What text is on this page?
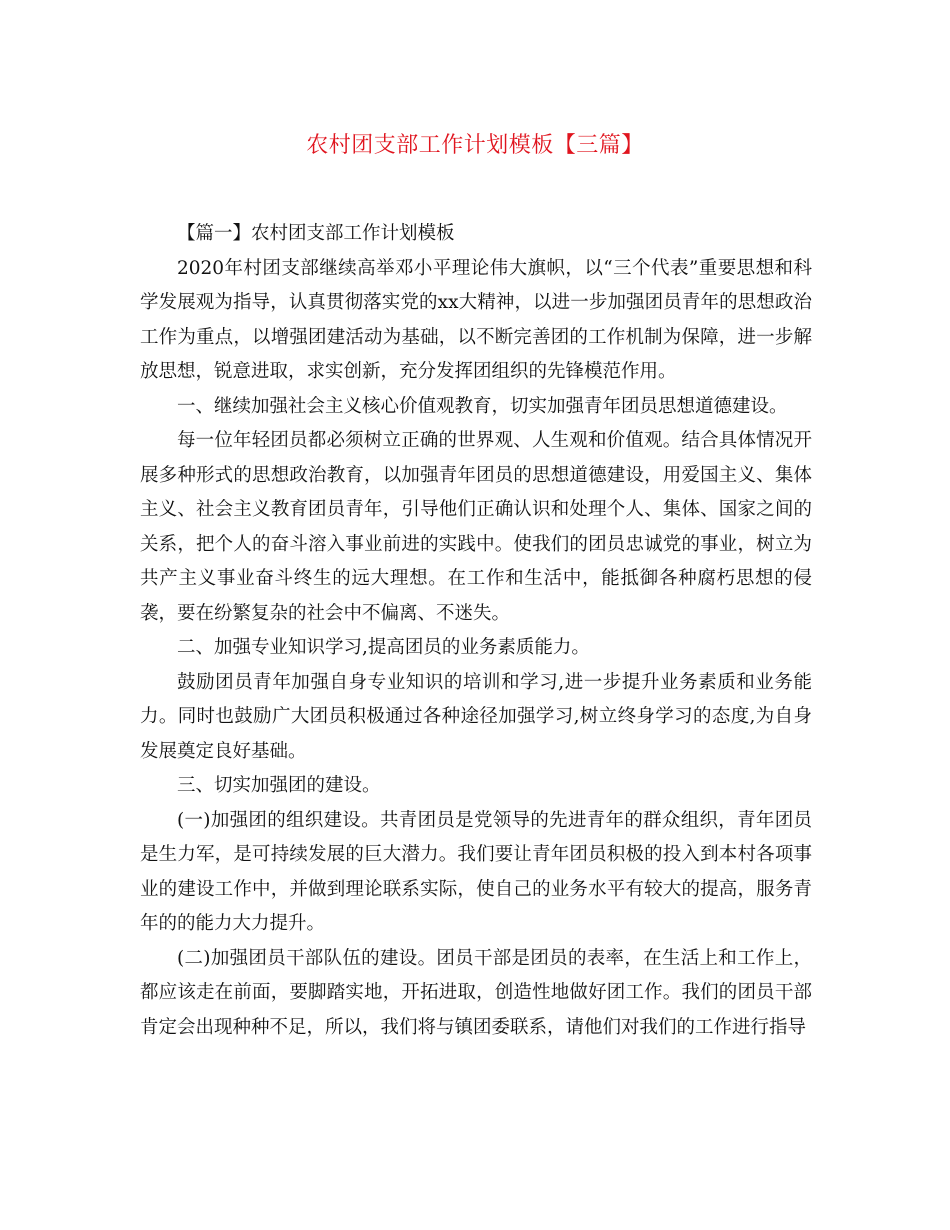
农村团支部工作计划模板【三篇】

【篇一】农村团支部工作计划模板

2020年村团支部继续高举邓小平理论伟大旗帜，以“三个代表”重要思想和科学发展观为指导，认真贯彻落实党的xx大精神，以进一步加强团员青年的思想政治工作为重点，以增强团建活动为基础，以不断完善团的工作机制为保障，进一步解放思想，锐意进取，求实创新，充分发挥团组织的先锋模范作用。

一、继续加强社会主义核心价值观教育，切实加强青年团员思想道德建设。

每一位年轻团员都必须树立正确的世界观、人生观和价值观。结合具体情况开展多种形式的思想政治教育，以加强青年团员的思想道德建设，用爱国主义、集体主义、社会主义教育团员青年，引导他们正确认识和处理个人、集体、国家之间的关系，把个人的奋斗溶入事业前进的实践中。使我们的团员忠诚党的事业，树立为共产主义事业奋斗终生的远大理想。在工作和生活中，能抵御各种腐朽思想的侵袭，要在纷繁复杂的社会中不偏离、不迷失。

二、加强专业知识学习,提高团员的业务素质能力。

鼓励团员青年加强自身专业知识的培训和学习,进一步提升业务素质和业务能力。同时也鼓励广大团员积极通过各种途径加强学习,树立终身学习的态度,为自身发展奠定良好基础。

三、切实加强团的建设。

(一)加强团的组织建设。共青团员是党领导的先进青年的群众组织，青年团员是生力军，是可持续发展的巨大潜力。我们要让青年团员积极的投入到本村各项事业的建设工作中，并做到理论联系实际，使自己的业务水平有较大的提高，服务青年的的能力大力提升。

(二)加强团员干部队伍的建设。团员干部是团员的表率，在生活上和工作上，都应该走在前面，要脚踏实地，开拓进取，创造性地做好团工作。我们的团员干部肯定会出现种种不足，所以，我们将与镇团委联系，请他们对我们的工作进行指导
